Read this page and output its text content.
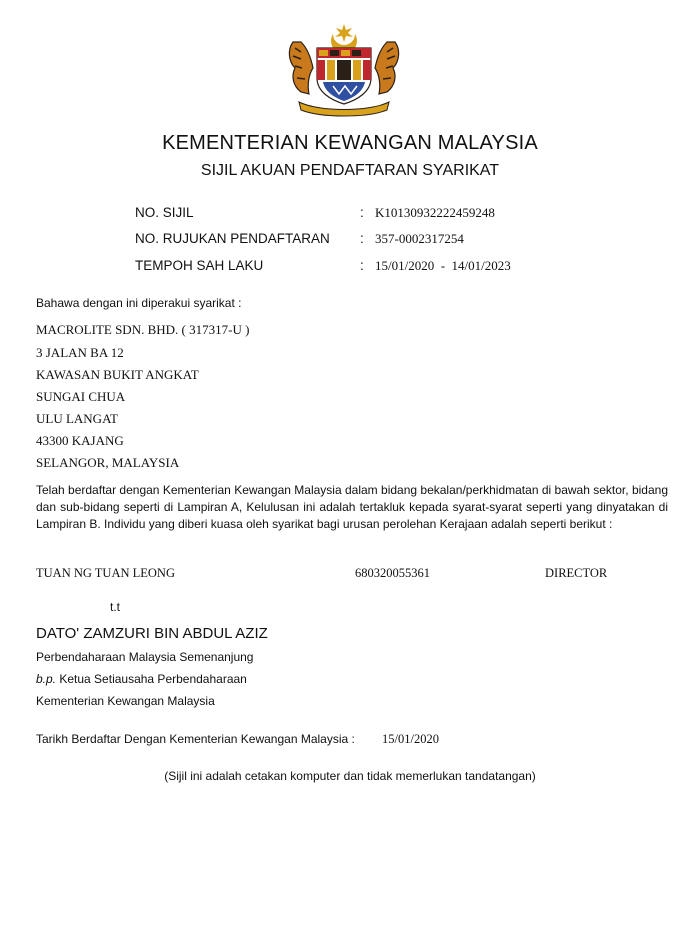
KEMENTERIAN KEWANGAN MALAYSIA
SIJIL AKUAN PENDAFTARAN SYARIKAT
NO. SIJIL	: K10130932222459248
NO. RUJUKAN PENDAFTARAN : 357-0002317254
TEMPOH SAH LAKU	: 15/01/2020  -  14/01/2023
Bahawa dengan ini diperakui syarikat :
MACROLITE SDN. BHD. ( 317317-U )
3 JALAN BA 12
KAWASAN BUKIT ANGKAT
SUNGAI CHUA
ULU LANGAT
43300 KAJANG
SELANGOR, MALAYSIA

Telah berdaftar dengan Kementerian Kewangan Malaysia dalam bidang bekalan/perkhidmatan di bawah sektor, bidang dan sub-bidang seperti di Lampiran A, Kelulusan ini adalah tertakluk kepada syarat-syarat seperti yang dinyatakan di Lampiran B. Individu yang diberi kuasa oleh syarikat bagi urusan perolehan Kerajaan adalah seperti berikut :

TUAN NG TUAN LEONG	680320055361	DIRECTOR
t.t
DATO' ZAMZURI BIN ABDUL AZIZ
Perbendaharaan Malaysia Semenanjung
b.p. Ketua Setiausaha Perbendaharaan
Kementerian Kewangan Malaysia
Tarikh Berdaftar Dengan Kementerian Kewangan Malaysia : 15/01/2020
(Sijil ini adalah cetakan komputer dan tidak memerlukan tandatangan)
